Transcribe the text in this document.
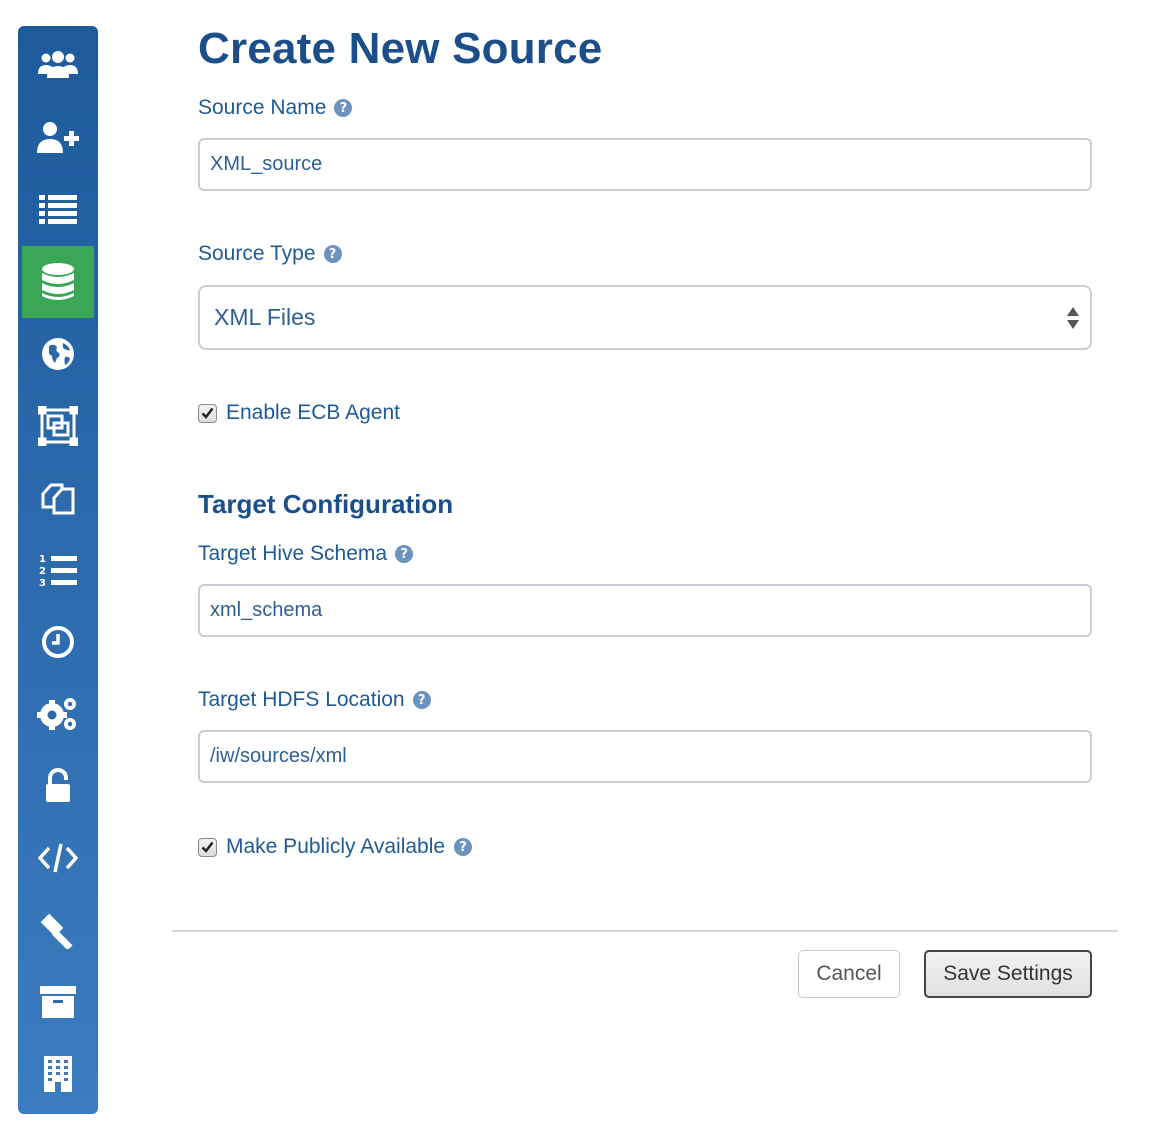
1
2
3
Create New Source
Source Name	?
XML_source
Source Type	?
XML Files
Enable ECB Agent
Target Configuration
Target Hive Schema	?
xml_schema
Target HDFS Location	?
/iw/sources/xml
Make Publicly Available	?
Cancel	Save Settings
